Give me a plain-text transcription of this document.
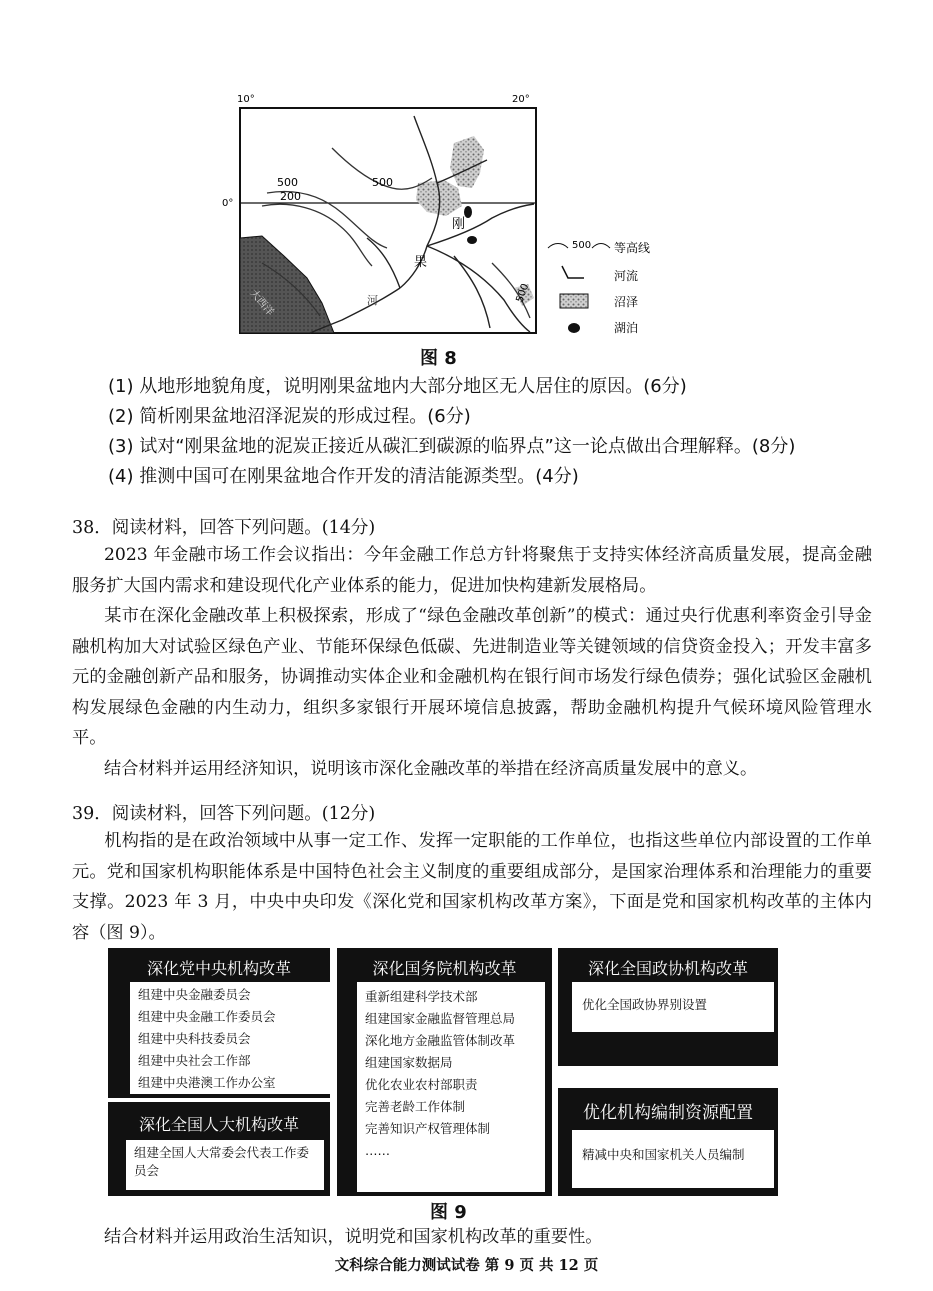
10°	20°
0°
500
200
500
500
刚
果
河
大西洋
500 等高线
河流
沼泽
湖泊
图 8
(1) 从地形地貌角度，说明刚果盆地内大部分地区无人居住的原因。(6分)
(2) 简析刚果盆地沼泽泥炭的形成过程。(6分)
(3) 试对“刚果盆地的泥炭正接近从碳汇到碳源的临界点”这一论点做出合理解释。(8分)
(4) 推测中国可在刚果盆地合作开发的清洁能源类型。(4分)
38．阅读材料，回答下列问题。(14分)
2023 年金融市场工作会议指出：今年金融工作总方针将聚焦于支持实体经济高质量发展，提高金融服务扩大国内需求和建设现代化产业体系的能力，促进加快构建新发展格局。
某市在深化金融改革上积极探索，形成了“绿色金融改革创新”的模式：通过央行优惠利率资金引导金融机构加大对试验区绿色产业、节能环保绿色低碳、先进制造业等关键领域的信贷资金投入；开发丰富多元的金融创新产品和服务，协调推动实体企业和金融机构在银行间市场发行绿色债券；强化试验区金融机构发展绿色金融的内生动力，组织多家银行开展环境信息披露，帮助金融机构提升气候环境风险管理水平。
结合材料并运用经济知识，说明该市深化金融改革的举措在经济高质量发展中的意义。
39．阅读材料，回答下列问题。(12分)
机构指的是在政治领域中从事一定工作、发挥一定职能的工作单位，也指这些单位内部设置的工作单元。党和国家机构职能体系是中国特色社会主义制度的重要组成部分，是国家治理体系和治理能力的重要支撑。2023 年 3 月，中央中央印发《深化党和国家机构改革方案》，下面是党和国家机构改革的主体内容（图 9）。
深化党中央机构改革
组建中央金融委员会
组建中央金融工作委员会
组建中央科技委员会
组建中央社会工作部
组建中央港澳工作办公室
深化国务院机构改革
重新组建科学技术部
组建国家金融监督管理总局
深化地方金融监管体制改革
组建国家数据局
优化农业农村部职责
完善老龄工作体制
完善知识产权管理体制
……
深化全国政协机构改革
优化全国政协界别设置
深化全国人大机构改革
组建全国人大常委会代表工作委
员会
优化机构编制资源配置
精减中央和国家机关人员编制
图 9
结合材料并运用政治生活知识，说明党和国家机构改革的重要性。
文科综合能力测试试卷 第 9 页 共 12 页
